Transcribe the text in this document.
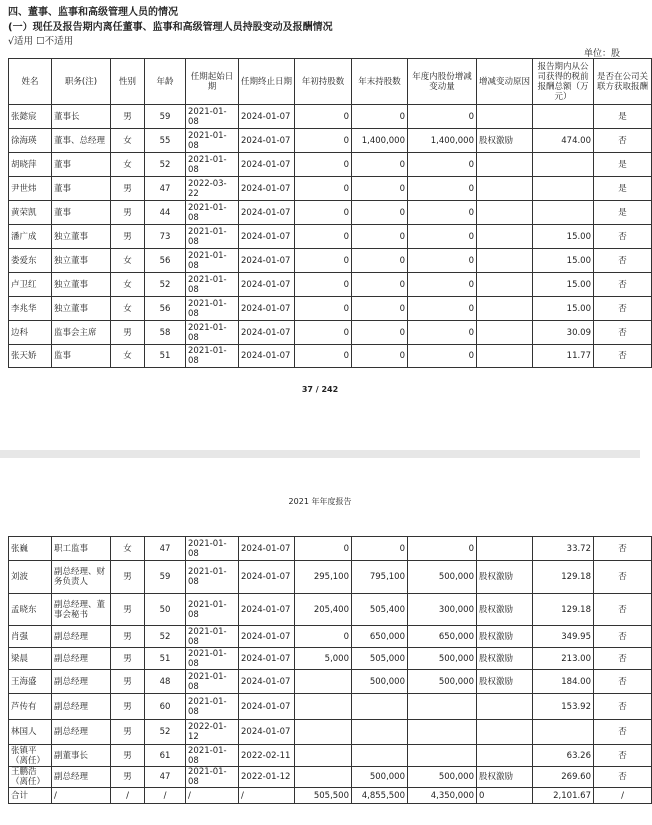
四、董事、监事和高级管理人员的情况
(一）现任及报告期内离任董事、监事和高级管理人员持股变动及报酬情况
√适用 ☐不适用
单位：股
姓名	职务(注)	性别	年龄	任期起始日期	任期终止日期	年初持股数	年末持股数	年度内股份增减变动量	增减变动原因	报告期内从公司获得的税前报酬总额（万元）	是否在公司关联方获取报酬
张懿宸	董事长	男	59	2021-01-08	2024-01-07	0	0	0			是
徐海瑛	董事、总经理	女	55	2021-01-08	2024-01-07	0	1,400,000	1,400,000	股权激励	474.00	否
胡晓萍	董事	女	52	2021-01-08	2024-01-07	0	0	0			是
尹世炜	董事	男	47	2022-03-22	2024-01-07	0	0	0			是
黄荣凯	董事	男	44	2021-01-08	2024-01-07	0	0	0			是
潘广成	独立董事	男	73	2021-01-08	2024-01-07	0	0	0		15.00	否
娄爱东	独立董事	女	56	2021-01-08	2024-01-07	0	0	0		15.00	否
卢卫红	独立董事	女	52	2021-01-08	2024-01-07	0	0	0		15.00	否
李兆华	独立董事	女	56	2021-01-08	2024-01-07	0	0	0		15.00	否
边科	监事会主席	男	58	2021-01-08	2024-01-07	0	0	0		30.09	否
张天娇	监事	女	51	2021-01-08	2024-01-07	0	0	0		11.77	否
37 / 242
2021 年年度报告
张巍	职工监事	女	47	2021-01-08	2024-01-07	0	0	0		33.72	否
刘波	副总经理、财务负责人	男	59	2021-01-08	2024-01-07	295,100	795,100	500,000	股权激励	129.18	否
孟晓东	副总经理、董事会秘书	男	50	2021-01-08	2024-01-07	205,400	505,400	300,000	股权激励	129.18	否
肖强	副总经理	男	52	2021-01-08	2024-01-07	0	650,000	650,000	股权激励	349.95	否
梁晨	副总经理	男	51	2021-01-08	2024-01-07	5,000	505,000	500,000	股权激励	213.00	否
王海盛	副总经理	男	48	2021-01-08	2024-01-07		500,000	500,000	股权激励	184.00	否
芦传有	副总经理	男	60	2021-01-08	2024-01-07					153.92	否
林国人	副总经理	男	52	2022-01-12	2024-01-07						否
张镇平（离任）	副董事长	男	61	2021-01-08	2022-02-11					63.26	否
王鹏浩（离任）	副总经理	男	47	2021-01-08	2022-01-12		500,000	500,000	股权激励	269.60	否
合计	/	/	/	/	/	505,500	4,855,500	4,350,000	0	2,101.67	/
